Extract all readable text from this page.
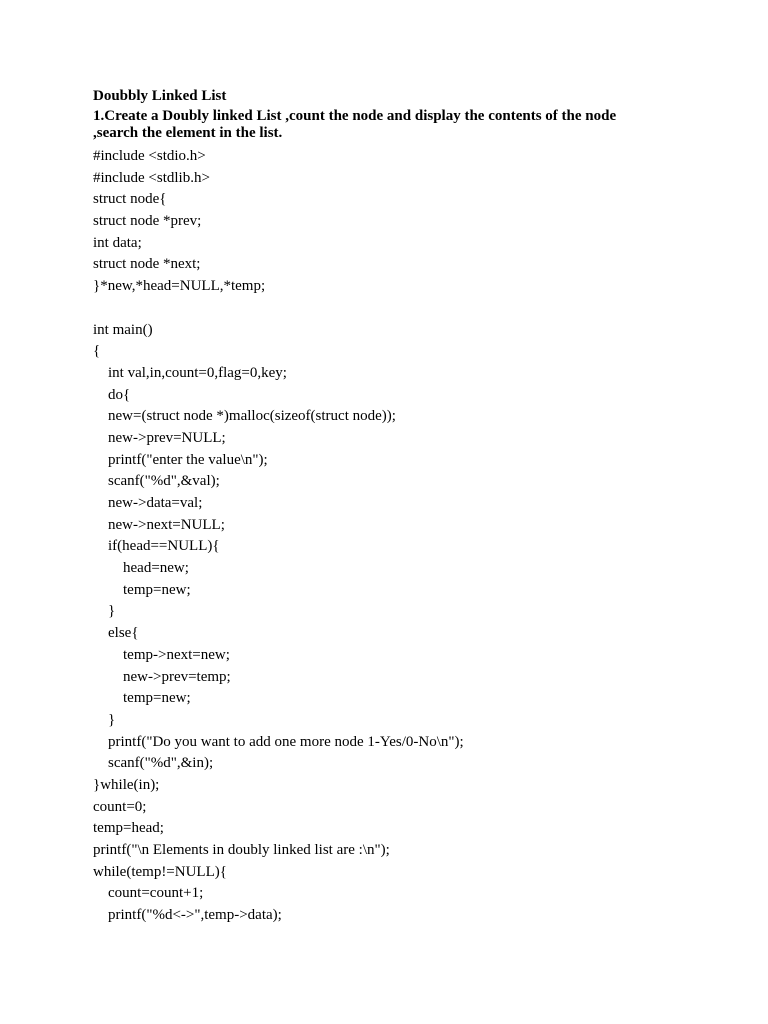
Doubbly Linked List
1.Create a Doubly linked List ,count the node and display the contents of the node
,search the element in the list.
#include <stdio.h>
#include <stdlib.h>
struct node{
struct node *prev;
int data;
struct node *next;
}*new,*head=NULL,*temp;
int main()
{
int val,in,count=0,flag=0,key;
do{
new=(struct node *)malloc(sizeof(struct node));
new->prev=NULL;
printf("enter the value\n");
scanf("%d",&val);
new->data=val;
new->next=NULL;
if(head==NULL){
head=new;
temp=new;
}
else{
temp->next=new;
new->prev=temp;
temp=new;
}
printf("Do you want to add one more node 1-Yes/0-No\n");
scanf("%d",&in);
}while(in);
count=0;
temp=head;
printf("\n Elements in doubly linked list are :\n");
while(temp!=NULL){
count=count+1;
printf("%d<->",temp->data);
